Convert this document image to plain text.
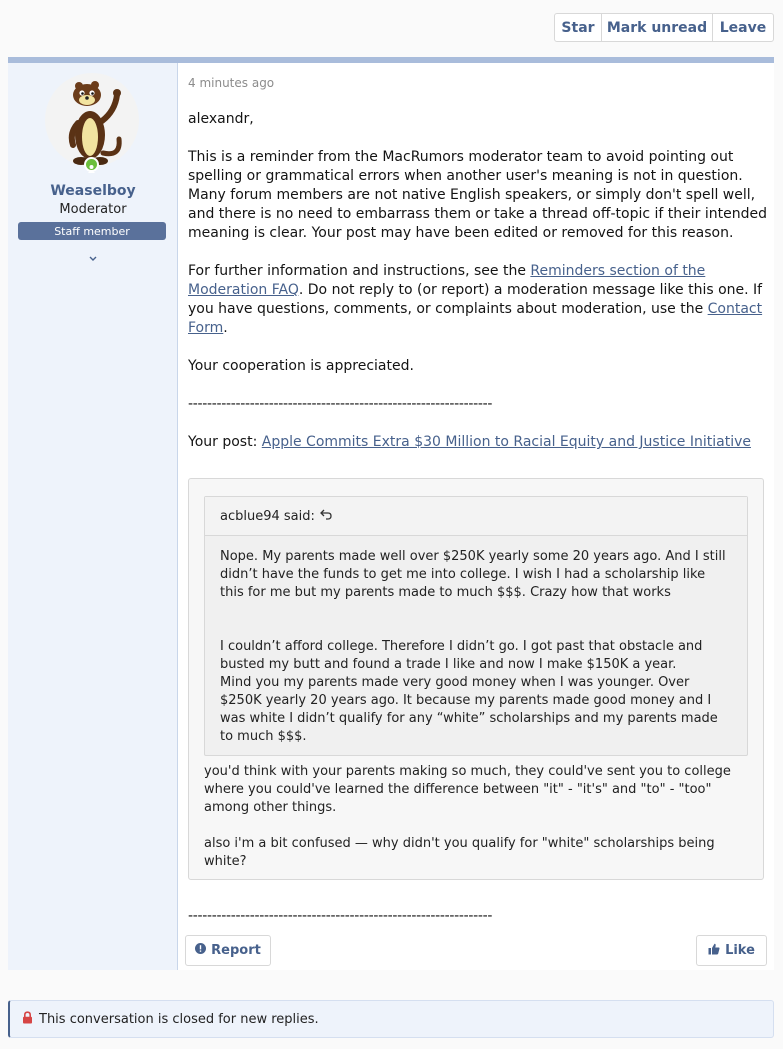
Star Mark unread Leave
Weaselboy
Moderator
Staff member
4 minutes ago

alexandr,

This is a reminder from the MacRumors moderator team to avoid pointing out spelling or grammatical errors when another user's meaning is not in question. Many forum members are not native English speakers, or simply don't spell well, and there is no need to embarrass them or take a thread off-topic if their intended meaning is clear. Your post may have been edited or removed for this reason.

For further information and instructions, see the Reminders section of the Moderation FAQ. Do not reply to (or report) a moderation message like this one. If you have questions, comments, or complaints about moderation, use the Contact Form.

Your cooperation is appreciated.

----------------------------------------------------------------

Your post: Apple Commits Extra $30 Million to Racial Equity and Justice Initiative

acblue94 said:

Nope. My parents made well over $250K yearly some 20 years ago. And I still didn’t have the funds to get me into college. I wish I had a scholarship like this for me but my parents made to much $$$. Crazy how that works

I couldn’t afford college. Therefore I didn’t go. I got past that obstacle and busted my butt and found a trade I like and now I make $150K a year.

Mind you my parents made very good money when I was younger. Over $250K yearly 20 years ago. It because my parents made good money and I was white I didn’t qualify for any “white” scholarships and my parents made to much $$$.

you'd think with your parents making so much, they could've sent you to college where you could've learned the difference between "it" - "it's" and "to" - "too" among other things.

also i'm a bit confused — why didn't you qualify for "white" scholarships being white?

----------------------------------------------------------------
Report	Like
This conversation is closed for new replies.
